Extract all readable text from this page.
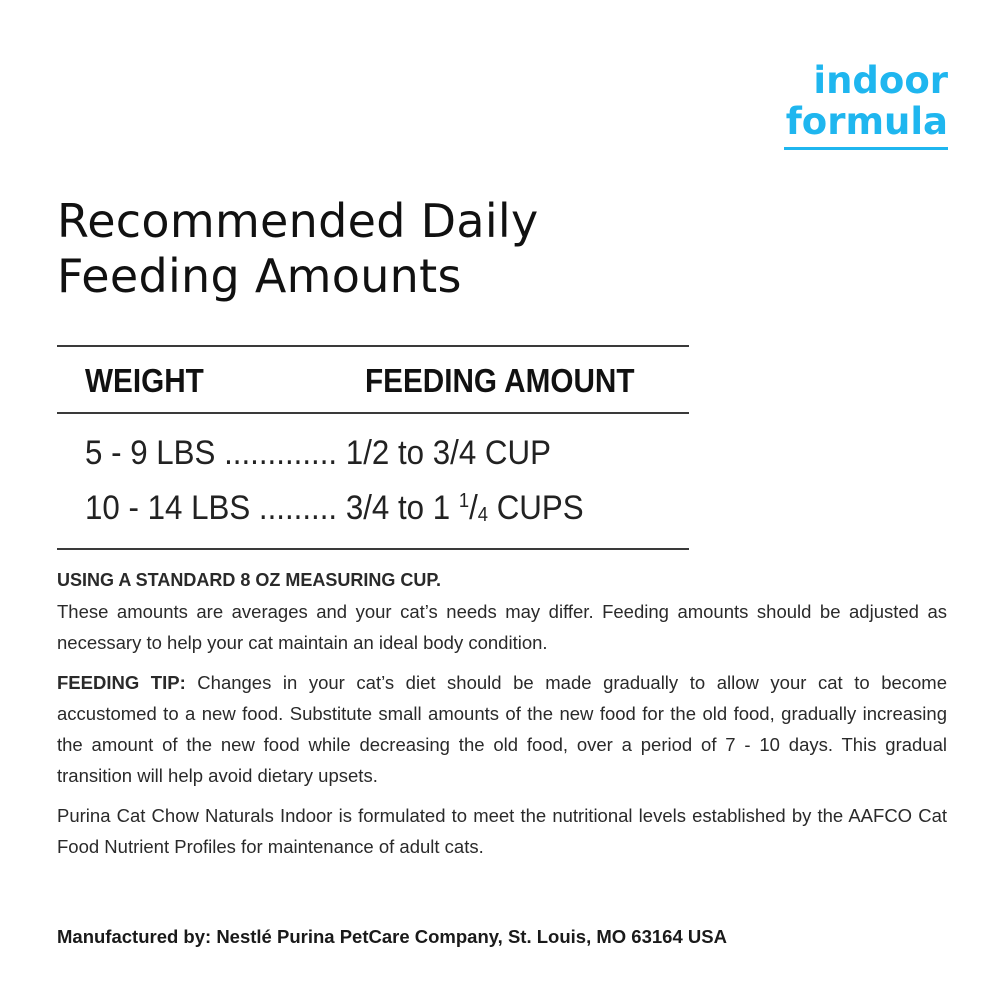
indoor
formula
Recommended Daily
Feeding Amounts
WEIGHT	FEEDING AMOUNT
5 - 9 LBS ............. 1/2 to 3/4 CUP
10 - 14 LBS ......... 3/4 to 1 $^1/_4$ CUPS

USING A STANDARD 8 OZ MEASURING CUP.

These amounts are averages and your cat’s needs may differ. Feeding amounts should be adjusted as necessary to help your cat maintain an ideal body condition.

FEEDING TIP: Changes in your cat’s diet should be made gradually to allow your cat to become accustomed to a new food. Substitute small amounts of the new food for the old food, gradually increasing the amount of the new food while decreasing the old food, over a period of 7 - 10 days. This gradual transition will help avoid dietary upsets.

Purina Cat Chow Naturals Indoor is formulated to meet the nutritional levels established by the AAFCO Cat Food Nutrient Profiles for maintenance of adult cats.

Manufactured by: Nestlé Purina PetCare Company, St. Louis, MO 63164 USA
